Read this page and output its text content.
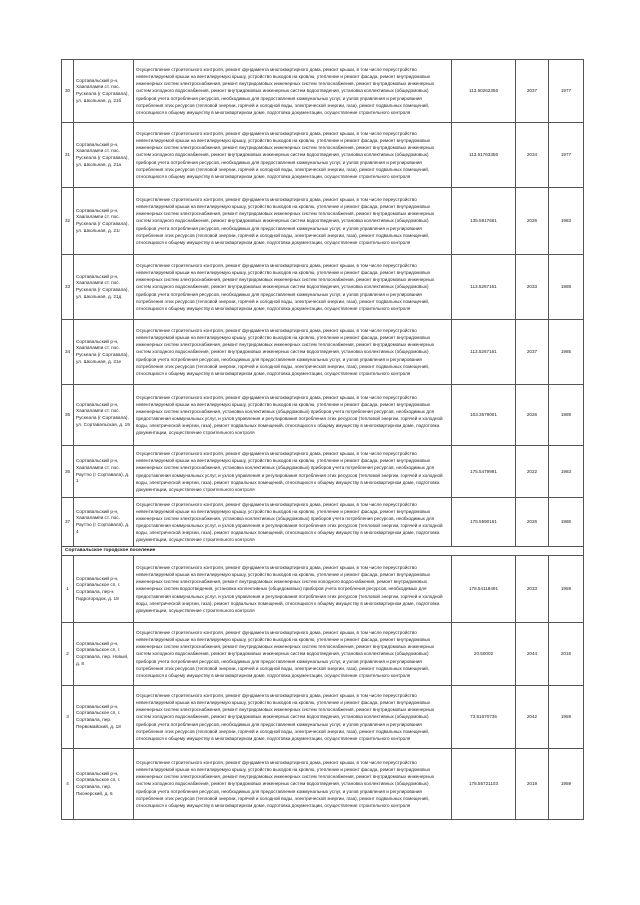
30	Сортавальский р-н, Хаапалампи ст. пос. Рускеала (г Сортавала), ул. Школьная, д. 21б	Осуществление строительного контроля, ремонт фундамента многоквартирного дома, ремонт крыши, в том числе переустройство невентилируемой крыши на вентилируемую крышу, устройство выходов на кровлю, утепление и ремонт фасада, ремонт внутридомовых инженерных систем электроснабжения, ремонт внутридомовых инженерных систем теплоснабжения, ремонт внутридомовых инженерных систем холодного водоснабжения, ремонт внутридомовых инженерных систем водоотведения, установка коллективных (общедомовых) приборов учета потребления ресурсов, необходимых для предоставления коммунальных услуг, и узлов управления и регулирования потребления этих ресурсов (тепловой энергии, горячей и холодной воды, электрической энергии, газа), ремонт подвальных помещений, относящихся к общему имуществу в многоквартирном доме, подготовка документации, осуществление строительного контроля	113.50262356	2037	1977
31	Сортавальский р-н, Хаапалампи ст. пос. Рускеала (г Сортавала), ул. Школьная, д. 21а	Осуществление строительного контроля, ремонт фундамента многоквартирного дома, ремонт крыши, в том числе переустройство невентилируемой крыши на вентилируемую крышу, устройство выходов на кровлю, утепление и ремонт фасада, ремонт внутридомовых инженерных систем электроснабжения, ремонт внутридомовых инженерных систем теплоснабжения, ремонт внутридомовых инженерных систем холодного водоснабжения, ремонт внутридомовых инженерных систем водоотведения, установка коллективных (общедомовых) приборов учета потребления ресурсов, необходимых для предоставления коммунальных услуг, и узлов управления и регулирования потребления этих ресурсов (тепловой энергии, горячей и холодной воды, электрической энергии, газа), ремонт подвальных помещений, относящихся к общему имуществу в многоквартирном доме, подготовка документации, осуществление строительного контроля	113.51763356	2034	1977
32	Сортавальский р-н, Хаапалампи ст. пос. Рускеала (г Сортавала), ул. Школьная, д. 21г	Осуществление строительного контроля, ремонт фундамента многоквартирного дома, ремонт крыши, в том числе переустройство невентилируемой крыши на вентилируемую крышу, устройство выходов на кровлю, утепление и ремонт фасада, ремонт внутридомовых инженерных систем электроснабжения, ремонт внутридомовых инженерных систем теплоснабжения, ремонт внутридомовых инженерных систем холодного водоснабжения, ремонт внутридомовых инженерных систем водоотведения, установка коллективных (общедомовых) приборов учета потребления ресурсов, необходимых для предоставления коммунальных услуг, и узлов управления и регулирования потребления этих ресурсов (тепловой энергии, горячей и холодной воды, электрической энергии, газа), ремонт подвальных помещений, относящихся к общему имуществу в многоквартирном доме, подготовка документации, осуществление строительного контроля	135.5917661	2026	1983
33	Сортавальский р-н, Хаапалампи ст. пос. Рускеала (г Сортавала), ул. Школьная, д. 21д	Осуществление строительного контроля, ремонт фундамента многоквартирного дома, ремонт крыши, в том числе переустройство невентилируемой крыши на вентилируемую крышу, устройство выходов на кровлю, утепление и ремонт фасада, ремонт внутридомовых инженерных систем электроснабжения, ремонт внутридомовых инженерных систем теплоснабжения, ремонт внутридомовых инженерных систем холодного водоснабжения, ремонт внутридомовых инженерных систем водоотведения, установка коллективных (общедомовых) приборов учета потребления ресурсов, необходимых для предоставления коммунальных услуг, и узлов управления и регулирования потребления этих ресурсов (тепловой энергии, горячей и холодной воды, электрической энергии, газа), ремонт подвальных помещений, относящихся к общему имуществу в многоквартирном доме, подготовка документации, осуществление строительного контроля	113.5267161	2033	1988
34	Сортавальский р-н, Хаапалампи ст. пос. Рускеала (г Сортавала), ул. Школьная, д. 21е	Осуществление строительного контроля, ремонт фундамента многоквартирного дома, ремонт крыши, в том числе переустройство невентилируемой крыши на вентилируемую крышу, устройство выходов на кровлю, утепление и ремонт фасада, ремонт внутридомовых инженерных систем электроснабжения, ремонт внутридомовых инженерных систем теплоснабжения, ремонт внутридомовых инженерных систем холодного водоснабжения, ремонт внутридомовых инженерных систем водоотведения, установка коллективных (общедомовых) приборов учета потребления ресурсов, необходимых для предоставления коммунальных услуг, и узлов управления и регулирования потребления этих ресурсов (тепловой энергии, горячей и холодной воды, электрической энергии, газа), ремонт подвальных помещений, относящихся к общему имуществу в многоквартирном доме, подготовка документации, осуществление строительного контроля	113.5267161	2037	1985
35	Сортавальский р-н, Хаапалампи ст. пос. Рускеала (г Сортавала), ул. Сортавальская, д. 19	Осуществление строительного контроля, ремонт фундамента многоквартирного дома, ремонт крыши, в том числе переустройство невентилируемой крыши на вентилируемую крышу, устройство выходов на кровлю, утепление и ремонт фасада, ремонт внутридомовых инженерных систем электроснабжения, установка коллективных (общедомовых) приборов учета потребления ресурсов, необходимых для предоставления коммунальных услуг, и узлов управления и регулирования потребления этих ресурсов (тепловой энергии, горячей и холодной воды, электрической энергии, газа), ремонт подвальных помещений, относящихся к общему имуществу в многоквартирном доме, подготовка документации, осуществление строительного контроля	103.3579001	2026	1989
36	Сортавальский р-н, Хаапалампи ст. пос. Рауттю (г Сортавала), д. 1	Осуществление строительного контроля, ремонт фундамента многоквартирного дома, ремонт крыши, в том числе переустройство невентилируемой крыши на вентилируемую крышу, устройство выходов на кровлю, утепление и ремонт фасада, ремонт внутридомовых инженерных систем электроснабжения, установка коллективных (общедомовых) приборов учета потребления ресурсов, необходимых для предоставления коммунальных услуг, и узлов управления и регулирования потребления этих ресурсов (тепловой энергии, горячей и холодной воды, электрической энергии, газа), ремонт подвальных помещений, относящихся к общему имуществу в многоквартирном доме, подготовка документации, осуществление строительного контроля	175.5479991	2022	1983
37	Сортавальский р-н, Хаапалампи ст. пос. Рауттю (г Сортавала), д. 4	Осуществление строительного контроля, ремонт фундамента многоквартирного дома, ремонт крыши, в том числе переустройство невентилируемой крыши на вентилируемую крышу, устройство выходов на кровлю, утепление и ремонт фасада, ремонт внутридомовых инженерных систем электроснабжения, установка коллективных (общедомовых) приборов учета потребления ресурсов, необходимых для предоставления коммунальных услуг, и узлов управления и регулирования потребления этих ресурсов (тепловой энергии, горячей и холодной воды, электрической энергии, газа), ремонт подвальных помещений, относящихся к общему имуществу в многоквартирном доме, подготовка документации, осуществление строительного контроля	175.5590161	2026	1986
Сортавальское городское поселение					
1	Сортавальский р-н, Сортавальское сп, г. Сортавала, пер-к Гидрогородок, д. 18	Осуществление строительного контроля, ремонт фундамента многоквартирного дома, ремонт крыши, в том числе переустройство невентилируемой крыши на вентилируемую крышу, устройство выходов на кровлю, утепление и ремонт фасада, ремонт внутридомовых инженерных систем электроснабжения, ремонт внутридомовых инженерных систем холодного водоснабжения, ремонт внутридомовых инженерных систем водоотведения, установка коллективных (общедомовых) приборов учета потребления ресурсов, необходимых для предоставления коммунальных услуг, и узлов управления и регулирования потребления этих ресурсов (тепловой энергии, горячей и холодной воды, электрической энергии, газа), ремонт подвальных помещений, относящихся к общему имуществу в многоквартирном доме, подготовка документации, осуществление строительного контроля	178.54118491	2033	1959
2	Сортавальский р-н, Сортавальское сп, г. Сортавала, пер. Новый, д. 8	Осуществление строительного контроля, ремонт фундамента многоквартирного дома, ремонт крыши, в том числе переустройство невентилируемой крыши на вентилируемую крышу, устройство выходов на кровлю, утепление и ремонт фасада, ремонт внутридомовых инженерных систем электроснабжения, ремонт внутридомовых инженерных систем теплоснабжения, ремонт внутридомовых инженерных систем холодного водоснабжения, ремонт внутридомовых инженерных систем водоотведения, установка коллективных (общедомовых) приборов учета потребления ресурсов, необходимых для предоставления коммунальных услуг, и узлов управления и регулирования потребления этих ресурсов (тепловой энергии, горячей и холодной воды, электрической энергии, газа), ремонт подвальных помещений, относящихся к общему имуществу в многоквартирном доме, подготовка документации, осуществление строительного контроля	20.50002	2044	2016
3	Сортавальский р-н, Сортавальское сп, г. Сортавала, пер. Первомайский, д. 18	Осуществление строительного контроля, ремонт фундамента многоквартирного дома, ремонт крыши, в том числе переустройство невентилируемой крыши на вентилируемую крышу, устройство выходов на кровлю, утепление и ремонт фасада, ремонт внутридомовых инженерных систем электроснабжения, ремонт внутридомовых инженерных систем теплоснабжения, ремонт внутридомовых инженерных систем холодного водоснабжения, ремонт внутридомовых инженерных систем водоотведения, установка коллективных (общедомовых) приборов учета потребления ресурсов, необходимых для предоставления коммунальных услуг, и узлов управления и регулирования потребления этих ресурсов (тепловой энергии, горячей и холодной воды, электрической энергии, газа), ремонт подвальных помещений, относящихся к общему имуществу в многоквартирном доме, подготовка документации, осуществление строительного контроля	73.51670735	2042	1959
4	Сортавальский р-н, Сортавальское сп, г. Сортавала, пер. Пионерский, д. 6	Осуществление строительного контроля, ремонт фундамента многоквартирного дома, ремонт крыши, в том числе переустройство невентилируемой крыши на вентилируемую крышу, устройство выходов на кровлю, утепление и ремонт фасада, ремонт внутридомовых инженерных систем электроснабжения, ремонт внутридомовых инженерных систем теплоснабжения, ремонт внутридомовых инженерных систем холодного водоснабжения, ремонт внутридомовых инженерных систем водоотведения, установка коллективных (общедомовых) приборов учета потребления ресурсов, необходимых для предоставления коммунальных услуг, и узлов управления и регулирования потребления этих ресурсов (тепловой энергии, горячей и холодной воды, электрической энергии, газа), ремонт подвальных помещений, относящихся к общему имуществу в многоквартирном доме, подготовка документации, осуществление строительного контроля	178.55721103	2019	1959
